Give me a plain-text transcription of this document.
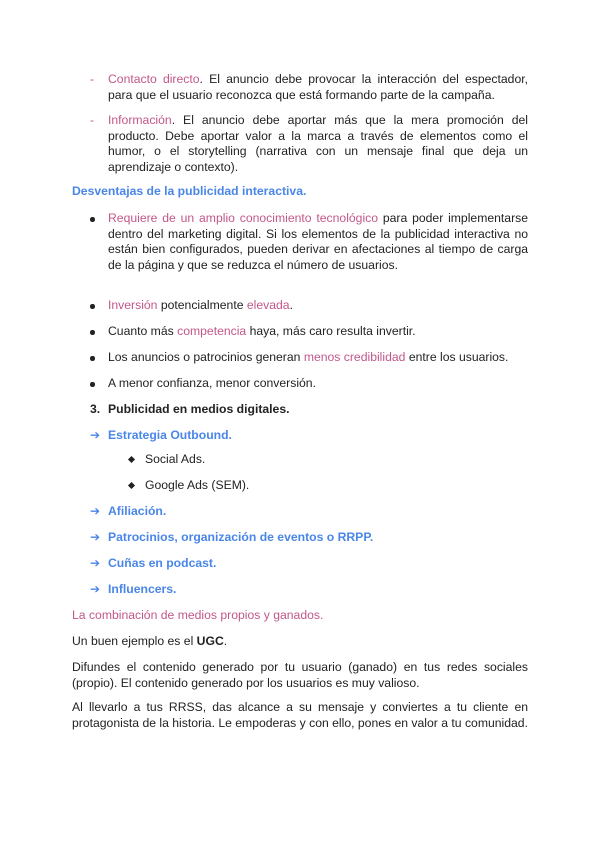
- Contacto directo. El anuncio debe provocar la interacción del espectador, para que el usuario reconozca que está formando parte de la campaña.
- Información. El anuncio debe aportar más que la mera promoción del producto. Debe aportar valor a la marca a través de elementos como el humor, o el storytelling (narrativa con un mensaje final que deja un aprendizaje o contexto).
Desventajas de la publicidad interactiva.
Requiere de un amplio conocimiento tecnológico para poder implementarse dentro del marketing digital. Si los elementos de la publicidad interactiva no están bien configurados, pueden derivar en afectaciones al tiempo de carga de la página y que se reduzca el número de usuarios.
Inversión potencialmente elevada.
Cuanto más competencia haya, más caro resulta invertir.
Los anuncios o patrocinios generan menos credibilidad entre los usuarios.
A menor confianza, menor conversión.
3. Publicidad en medios digitales.
➔ Estrategia Outbound.
Social Ads.
Google Ads (SEM).
➔ Afiliación.
➔ Patrocinios, organización de eventos o RRPP.
➔ Cuñas en podcast.
➔ Influencers.
La combinación de medios propios y ganados.
Un buen ejemplo es el UGC.
Difundes el contenido generado por tu usuario (ganado) en tus redes sociales (propio). El contenido generado por los usuarios es muy valioso.
Al llevarlo a tus RRSS, das alcance a su mensaje y conviertes a tu cliente en protagonista de la historia. Le empoderas y con ello, pones en valor a tu comunidad.
